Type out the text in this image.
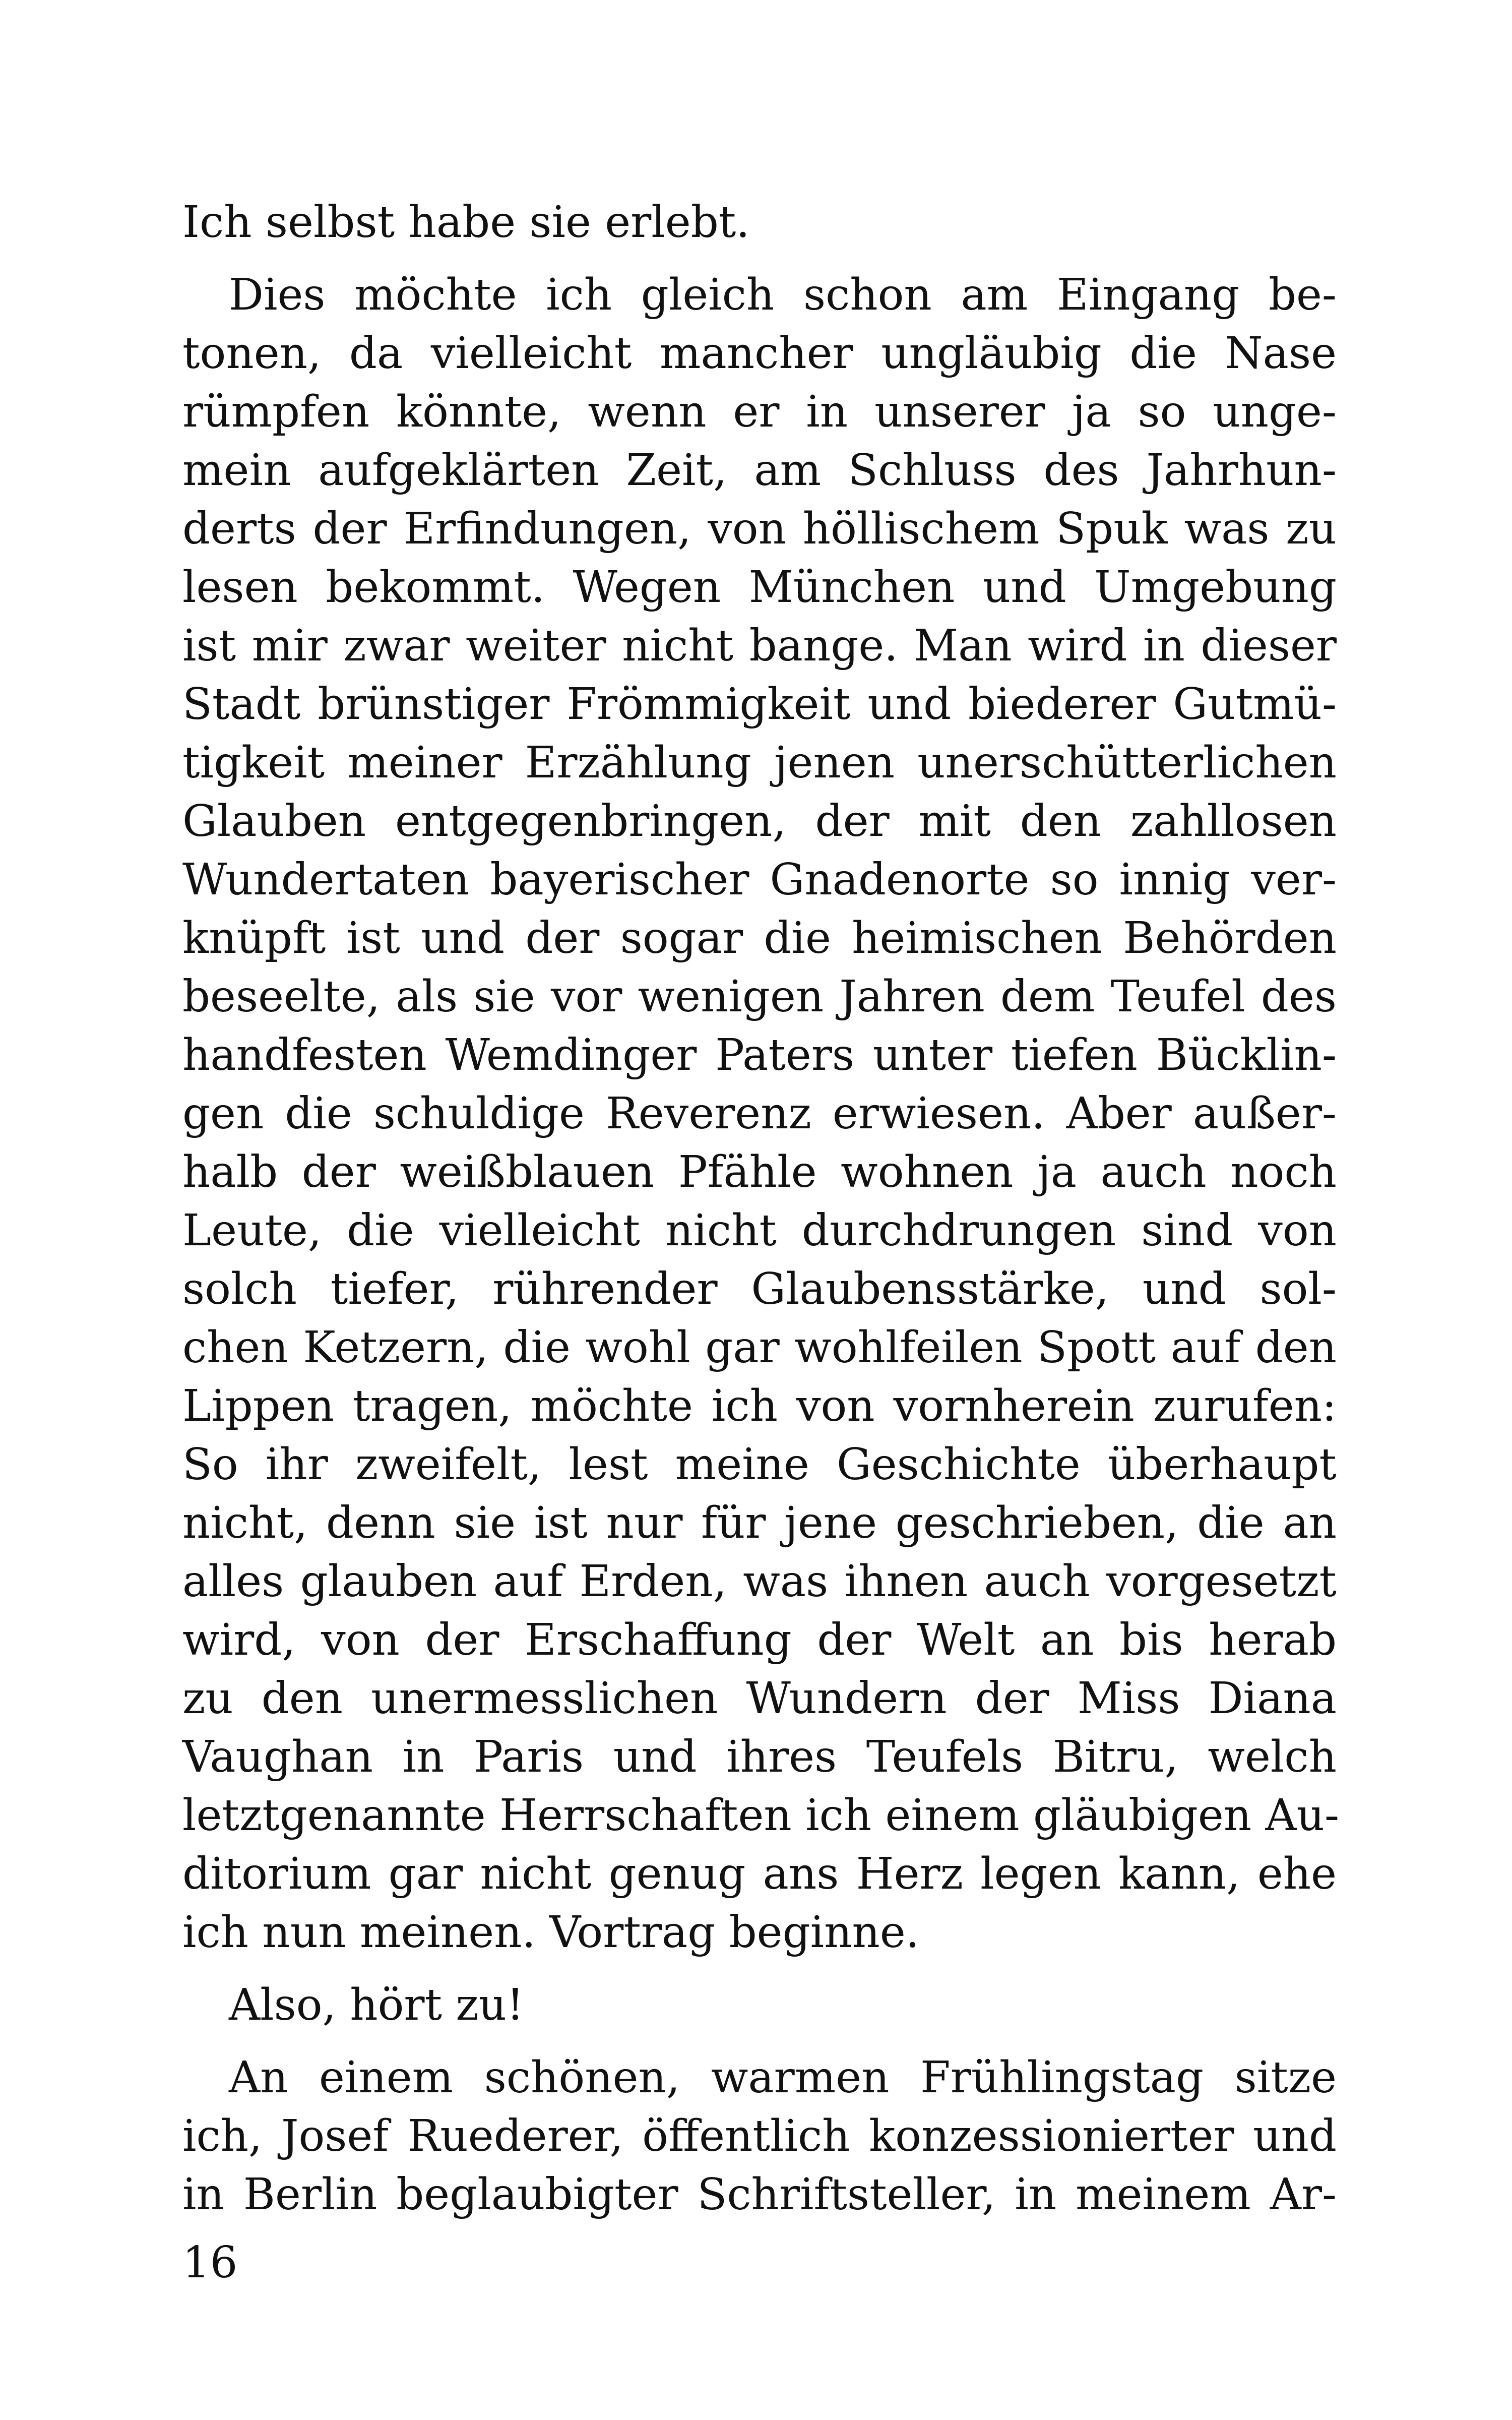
Ich selbst habe sie erlebt.
Dies möchte ich gleich schon am Eingang be-
tonen, da vielleicht mancher ungläubig die Nase
rümpfen könnte, wenn er in unserer ja so unge-
mein aufgeklärten Zeit, am Schluss des Jahrhun-
derts der Erfindungen, von höllischem Spuk was zu
lesen bekommt. Wegen München und Umgebung
ist mir zwar weiter nicht bange. Man wird in dieser
Stadt brünstiger Frömmigkeit und biederer Gutmü-
tigkeit meiner Erzählung jenen unerschütterlichen
Glauben entgegenbringen, der mit den zahllosen
Wundertaten bayerischer Gnadenorte so innig ver-
knüpft ist und der sogar die heimischen Behörden
beseelte, als sie vor wenigen Jahren dem Teufel des
handfesten Wemdinger Paters unter tiefen Bücklin-
gen die schuldige Reverenz erwiesen. Aber außer-
halb der weißblauen Pfähle wohnen ja auch noch
Leute, die vielleicht nicht durchdrungen sind von
solch tiefer, rührender Glaubensstärke, und sol-
chen Ketzern, die wohl gar wohlfeilen Spott auf den
Lippen tragen, möchte ich von vornherein zurufen:
So ihr zweifelt, lest meine Geschichte überhaupt
nicht, denn sie ist nur für jene geschrieben, die an
alles glauben auf Erden, was ihnen auch vorgesetzt
wird, von der Erschaffung der Welt an bis herab
zu den unermesslichen Wundern der Miss Diana
Vaughan in Paris und ihres Teufels Bitru, welch
letztgenannte Herrschaften ich einem gläubigen Au-
ditorium gar nicht genug ans Herz legen kann, ehe
ich nun meinen. Vortrag beginne.
Also, hört zu!
An einem schönen, warmen Frühlingstag sitze
ich, Josef Ruederer, öffentlich konzessionierter und
in Berlin beglaubigter Schriftsteller, in meinem Ar-
16
